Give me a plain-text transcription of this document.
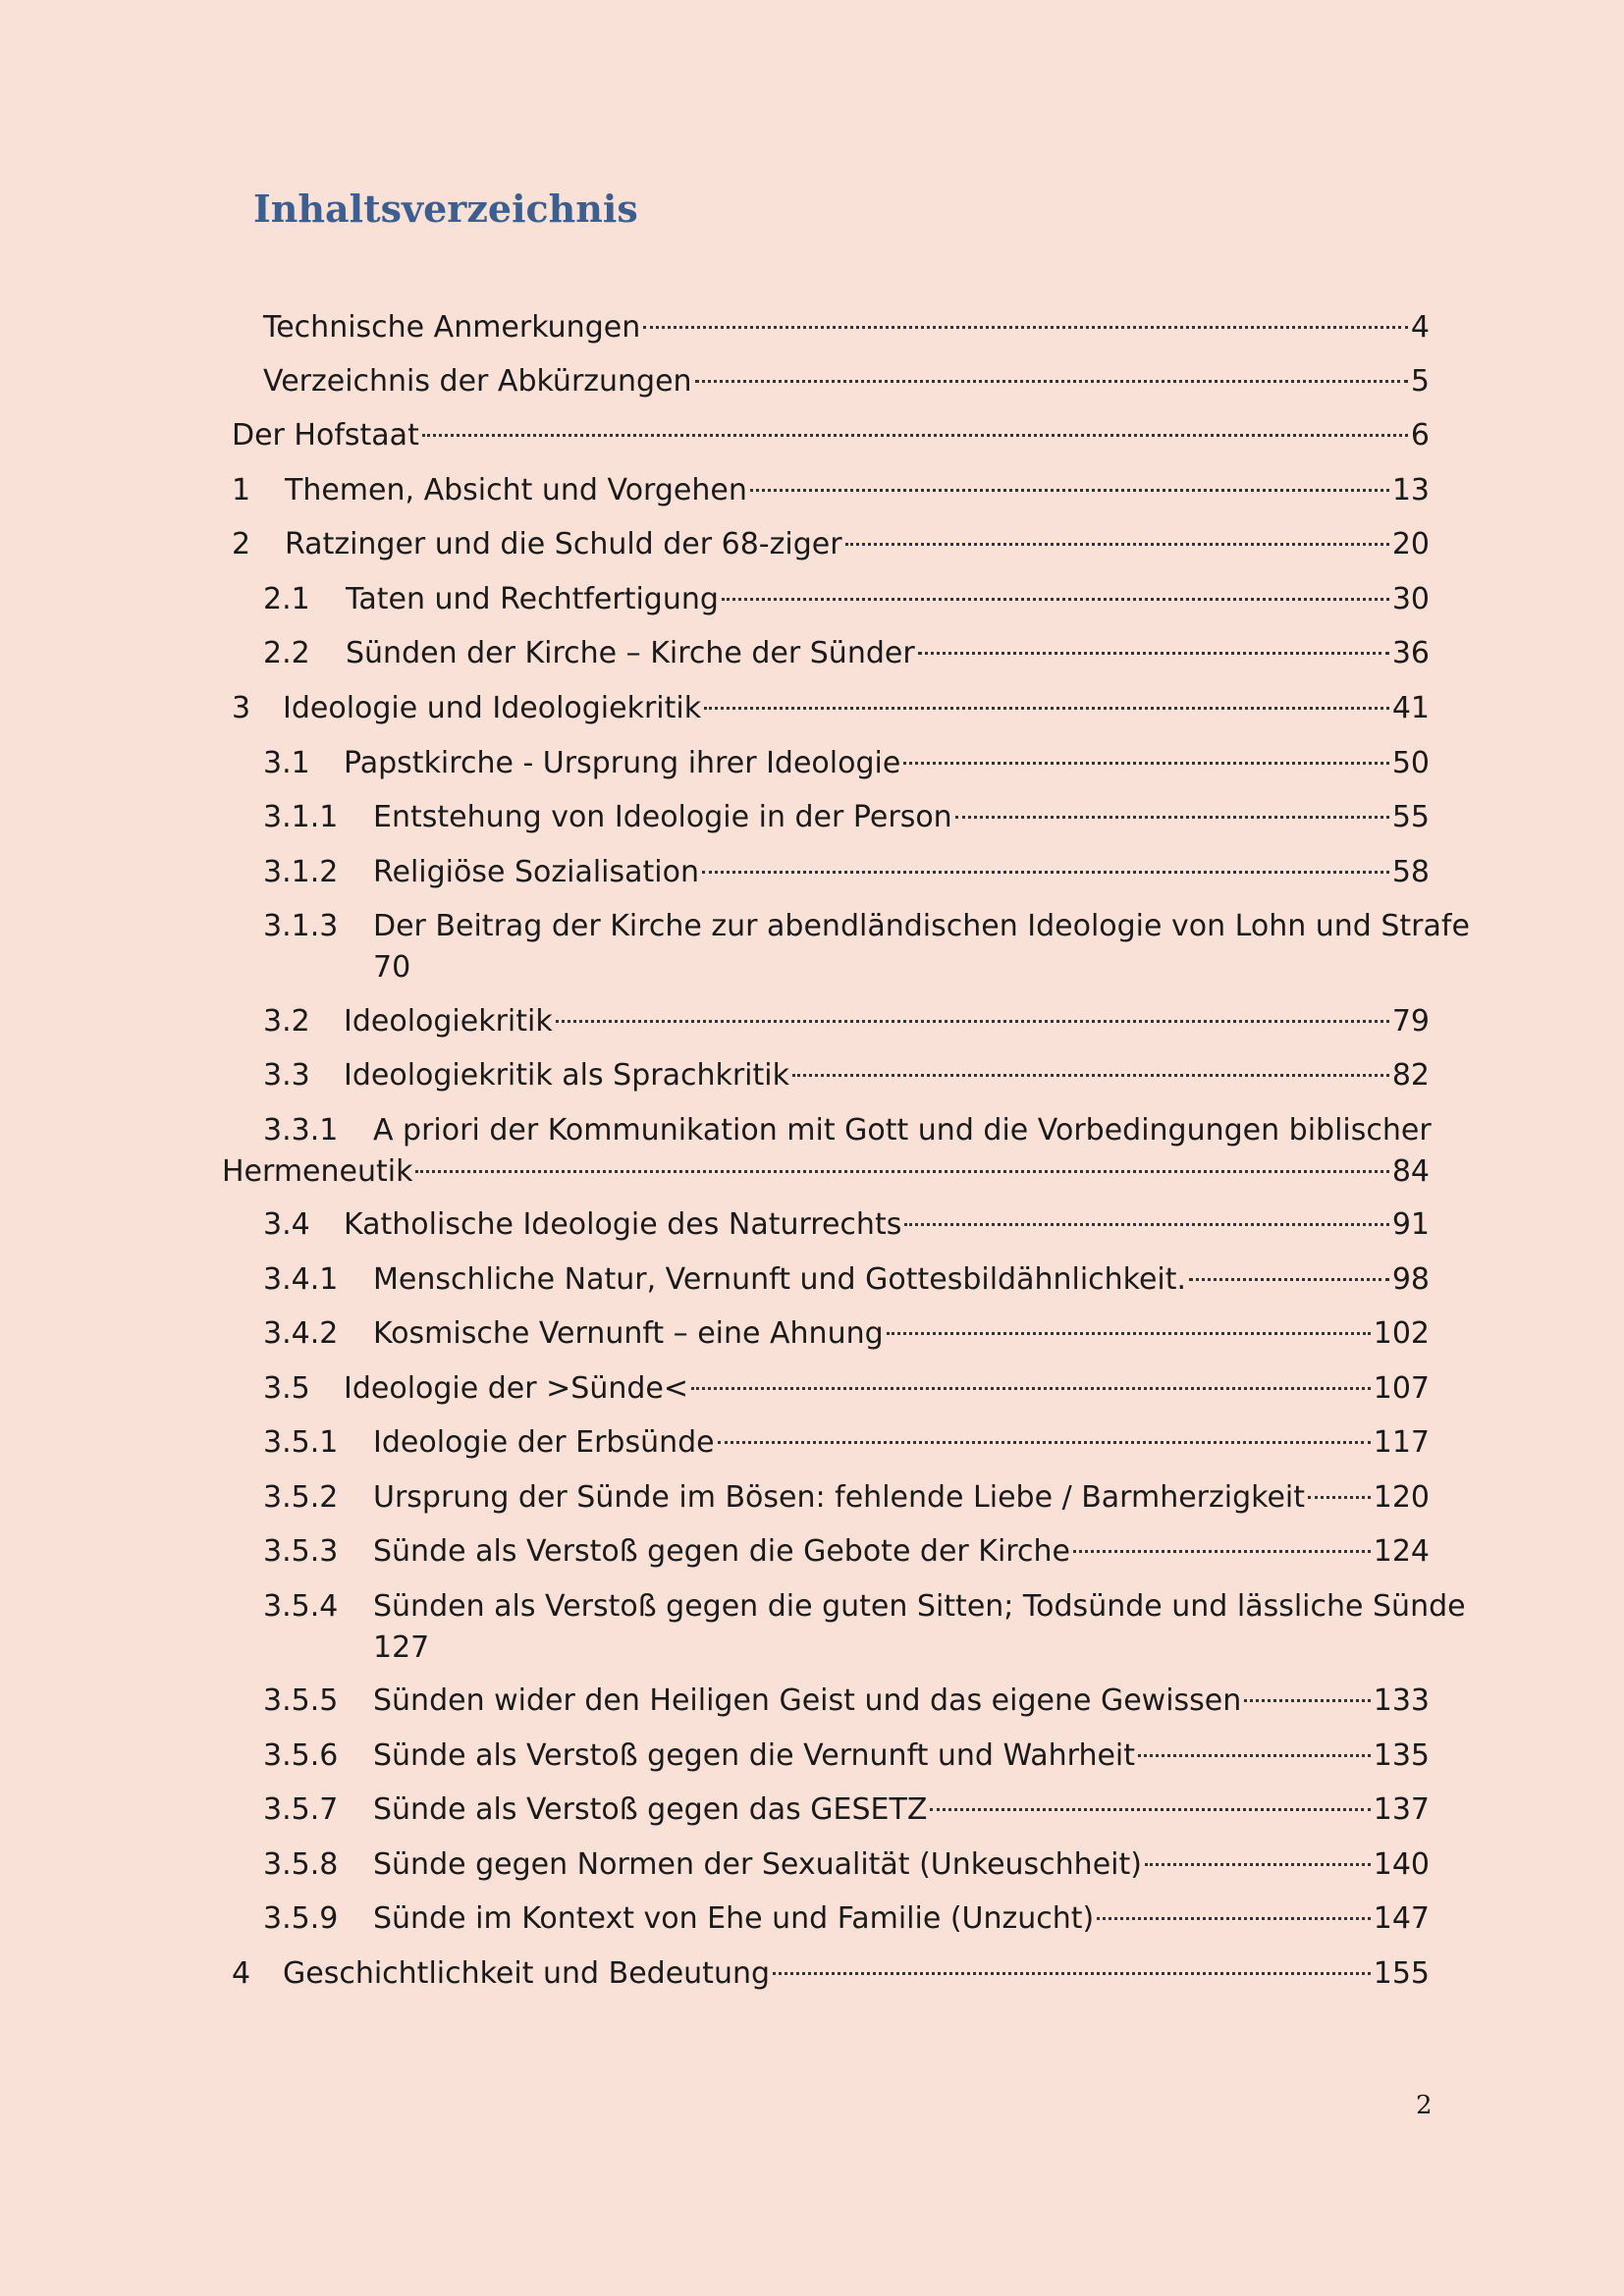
Inhaltsverzeichnis
Technische Anmerkungen	4
Verzeichnis der Abkürzungen	5
Der Hofstaat	6
1 Themen, Absicht und Vorgehen	13
2 Ratzinger und die Schuld der 68-ziger	20
2.1 Taten und Rechtfertigung	30
2.2 Sünden der Kirche – Kirche der Sünder	36
3 Ideologie und Ideologiekritik	41
3.1 Papstkirche - Ursprung ihrer Ideologie	50
3.1.1 Entstehung von Ideologie in der Person	55
3.1.2 Religiöse Sozialisation	58
3.1.3 Der Beitrag der Kirche zur abendländischen Ideologie von Lohn und Strafe
70
3.2 Ideologiekritik	79
3.3 Ideologiekritik als Sprachkritik	82
3.3.1 A priori der Kommunikation mit Gott und die Vorbedingungen biblischer
Hermeneutik	84
3.4 Katholische Ideologie des Naturrechts	91
3.4.1 Menschliche Natur, Vernunft und Gottesbildähnlichkeit.	98
3.4.2 Kosmische Vernunft – eine Ahnung	102
3.5 Ideologie der >Sünde<	107
3.5.1 Ideologie der Erbsünde	117
3.5.2 Ursprung der Sünde im Bösen: fehlende Liebe / Barmherzigkeit 120
3.5.3 Sünde als Verstoß gegen die Gebote der Kirche	124
3.5.4 Sünden als Verstoß gegen die guten Sitten; Todsünde und lässliche Sünde
127
3.5.5 Sünden wider den Heiligen Geist und das eigene Gewissen	133
3.5.6 Sünde als Verstoß gegen die Vernunft und Wahrheit	135
3.5.7 Sünde als Verstoß gegen das GESETZ	137
3.5.8 Sünde gegen Normen der Sexualität (Unkeuschheit)	140
3.5.9 Sünde im Kontext von Ehe und Familie (Unzucht)	147
4 Geschichtlichkeit und Bedeutung	155
2
